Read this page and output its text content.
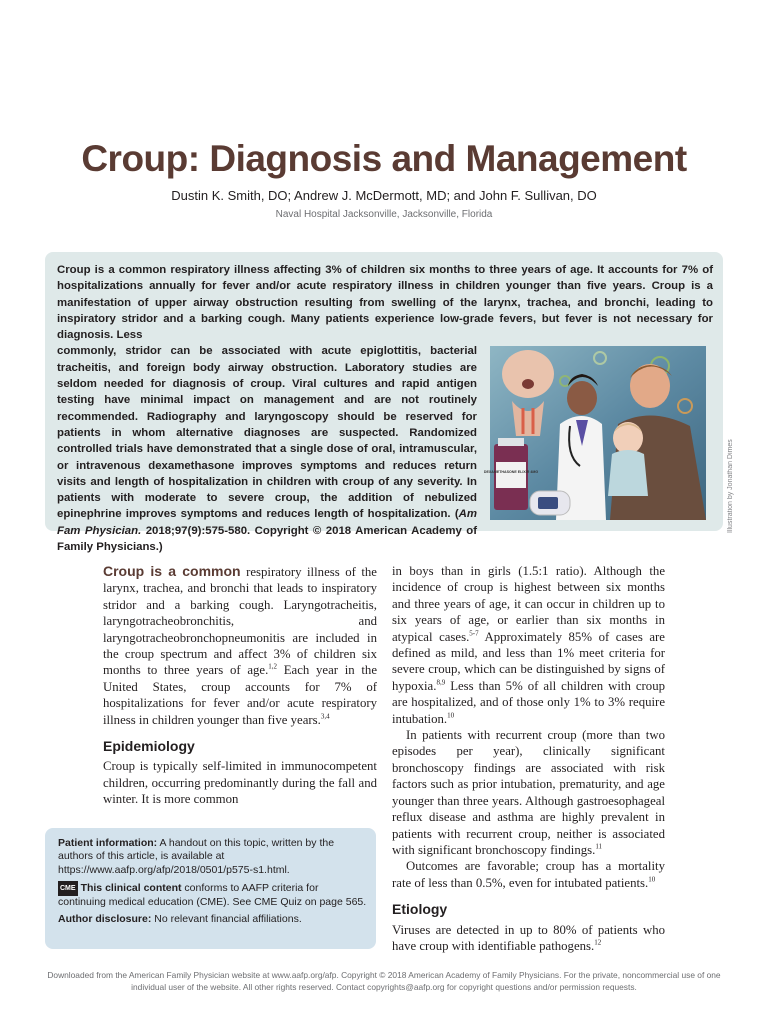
Croup: Diagnosis and Management
Dustin K. Smith, DO; Andrew J. McDermott, MD; and John F. Sullivan, DO
Naval Hospital Jacksonville, Jacksonville, Florida

Croup is a common respiratory illness affecting 3% of children six months to three years of age. It accounts for 7% of hospitalizations annually for fever and/or acute respiratory illness in children younger than five years. Croup is a manifestation of upper airway obstruction resulting from swelling of the larynx, trachea, and bronchi, leading to inspiratory stridor and a barking cough. Many patients experience low-grade fevers, but fever is not necessary for diagnosis. Less

commonly, stridor can be associated with acute epiglottitis, bacterial tracheitis, and foreign body airway obstruction. Laboratory studies are seldom needed for diagnosis of croup. Viral cultures and rapid antigen testing have minimal impact on management and are not routinely recommended. Radiography and laryngoscopy should be reserved for patients in whom alternative diagnoses are suspected. Randomized controlled trials have demonstrated that a single dose of oral, intramuscular, or intravenous dexamethasone improves symptoms and reduces return visits and length of hospitalization in children with croup of any severity. In patients with moderate to severe croup, the addition of nebulized epinephrine improves symptoms and reduces length of hospitalization. (Am Fam Physician. 2018;97(9):575-580. Copyright © 2018 American Academy of Family Physicians.)

DEXAMETHASONE ELIXIR 4MG	Illustration by Jonathan Dimes

Croup is a common respiratory illness of the larynx, trachea, and bronchi that leads to inspiratory stridor and a barking cough. Laryngotracheitis, laryngotracheobronchitis, and laryngotracheobronchopneumonitis are included in the croup spectrum and affect 3% of children six months to three years of age.$^{1,2}$ Each year in the United States, croup accounts for 7% of hospitalizations for fever and/or acute respiratory illness in children younger than five years.$^{3,4}$

Epidemiology

Croup is typically self-limited in immunocompetent children, occurring predominantly during the fall and winter. It is more common

in boys than in girls (1.5:1 ratio). Although the incidence of croup is highest between six months and three years of age, it can occur in children up to six years of age, or earlier than six months in atypical cases.$^{5-7}$ Approximately 85% of cases are defined as mild, and less than 1% meet criteria for severe croup, which can be distinguished by signs of hypoxia.$^{8,9}$ Less than 5% of all children with croup are hospitalized, and of those only 1% to 3% require intubation.$^{10}$

In patients with recurrent croup (more than two episodes per year), clinically significant bronchoscopy findings are associated with risk factors such as prior intubation, prematurity, and age younger than three years. Although gastroesophageal reflux disease and asthma are highly prevalent in patients with recurrent croup, neither is associated with significant bronchoscopy findings.$^{11}$

Outcomes are favorable; croup has a mortality rate of less than 0.5%, even for intubated patients.$^{10}$

Etiology

Viruses are detected in up to 80% of patients who have croup with identifiable pathogens.$^{12}$

Patient information: A handout on this topic, written by the authors of this article, is available at https://www.aafp.org/afp/2018/0501/p575-s1.html.

CME This clinical content conforms to AAFP criteria for continuing medical education (CME). See CME Quiz on page 565.

Author disclosure: No relevant financial affiliations.

Downloaded from the American Family Physician website at www.aafp.org/afp. Copyright © 2018 American Academy of Family Physicians. For the private, noncommercial use of one individual user of the website. All other rights reserved. Contact copyrights@aafp.org for copyright questions and/or permission requests.
